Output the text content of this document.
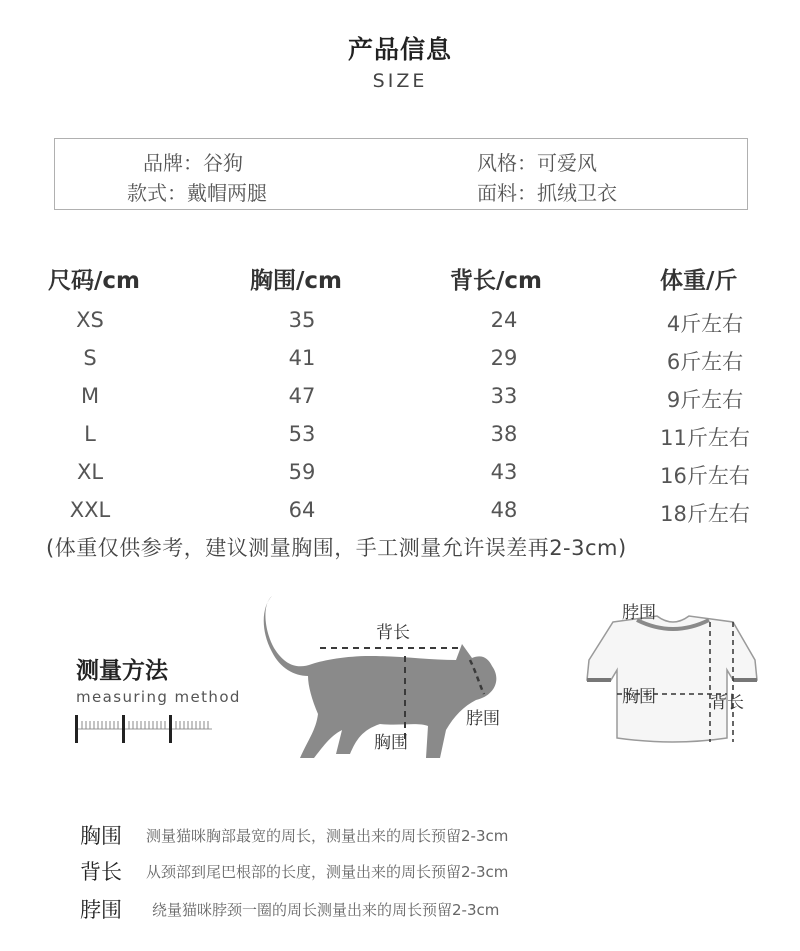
产品信息
SIZE
品牌：谷狗	风格：可爱风
款式：戴帽两腿	面料：抓绒卫衣
尺码/cm	胸围/cm	背长/cm	体重/斤
XS	35	24	4斤左右
S	41	29	6斤左右
M	47	33	9斤左右
L	53	38	11斤左右
XL	59	43	16斤左右
XXL	64	48	18斤左右
(体重仅供参考，建议测量胸围，手工测量允许误差再2-3cm)
测量方法
measuring method
背长
脖围
胸围
脖围
胸围	背长
胸围 测量猫咪胸部最宽的周长，测量出来的周长预留2-3cm
背长 从颈部到尾巴根部的长度，测量出来的周长预留2-3cm
脖围 绕量猫咪脖颈一圈的周长测量出来的周长预留2-3cm
